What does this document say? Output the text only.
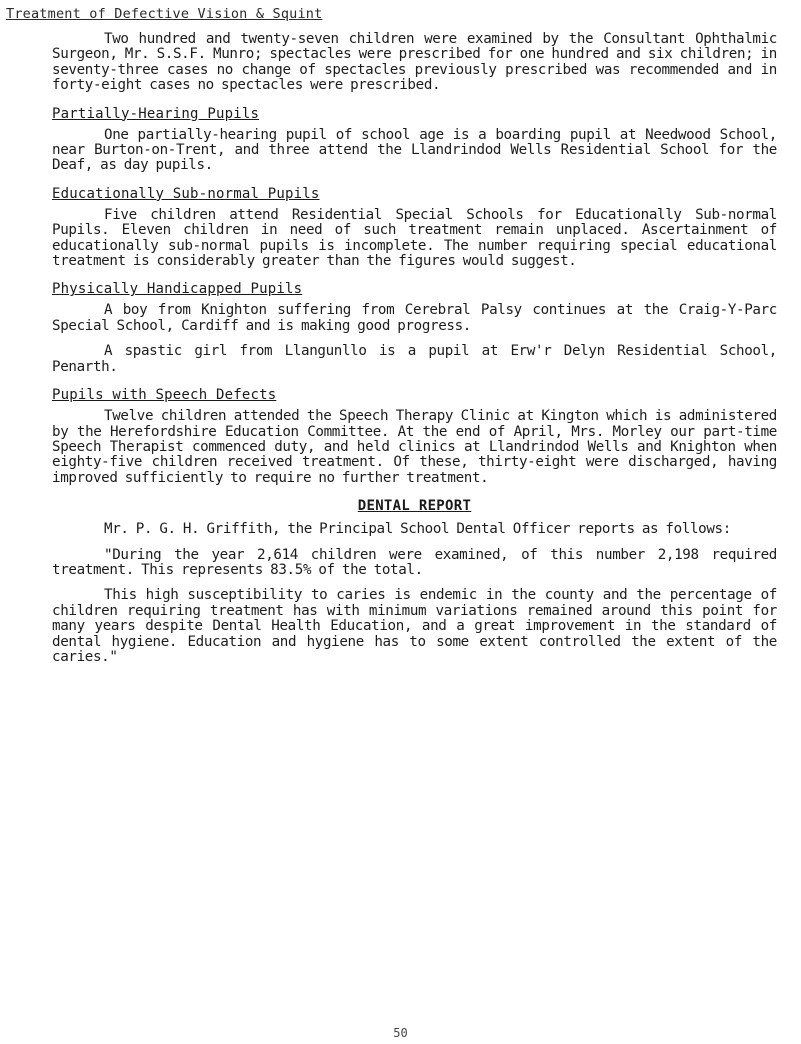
Treatment of Defective Vision & Squint

Two hundred and twenty-seven children were examined by the Consultant Ophthalmic Surgeon, Mr. S.S.F. Munro; spectacles were prescribed for one hundred and six children; in seventy-three cases no change of spectacles previously prescribed was recommended and in forty-eight cases no spectacles were prescribed.

Partially-Hearing Pupils

One partially-hearing pupil of school age is a boarding pupil at Needwood School, near Burton-on-Trent, and three attend the Llandrindod Wells Residential School for the Deaf, as day pupils.

Educationally Sub-normal Pupils

Five children attend Residential Special Schools for Educationally Sub-normal Pupils. Eleven children in need of such treatment remain unplaced. Ascertainment of educationally sub-normal pupils is incomplete. The number requiring special educational treatment is considerably greater than the figures would suggest.

Physically Handicapped Pupils

A boy from Knighton suffering from Cerebral Palsy continues at the Craig-Y-Parc Special School, Cardiff and is making good progress.

A spastic girl from Llangunllo is a pupil at Erw'r Delyn Residential School, Penarth.

Pupils with Speech Defects

Twelve children attended the Speech Therapy Clinic at Kington which is administered by the Herefordshire Education Committee. At the end of April, Mrs. Morley our part-time Speech Therapist commenced duty, and held clinics at Llandrindod Wells and Knighton when eighty-five children received treatment. Of these, thirty-eight were discharged, having improved sufficiently to require no further treatment.

DENTAL REPORT

Mr. P. G. H. Griffith, the Principal School Dental Officer reports as follows:

"During the year 2,614 children were examined, of this number 2,198 required treatment. This represents 83.5% of the total.

This high susceptibility to caries is endemic in the county and the percentage of children requiring treatment has with minimum variations remained around this point for many years despite Dental Health Education, and a great improvement in the standard of dental hygiene. Education and hygiene has to some extent controlled the extent of the caries."

50
